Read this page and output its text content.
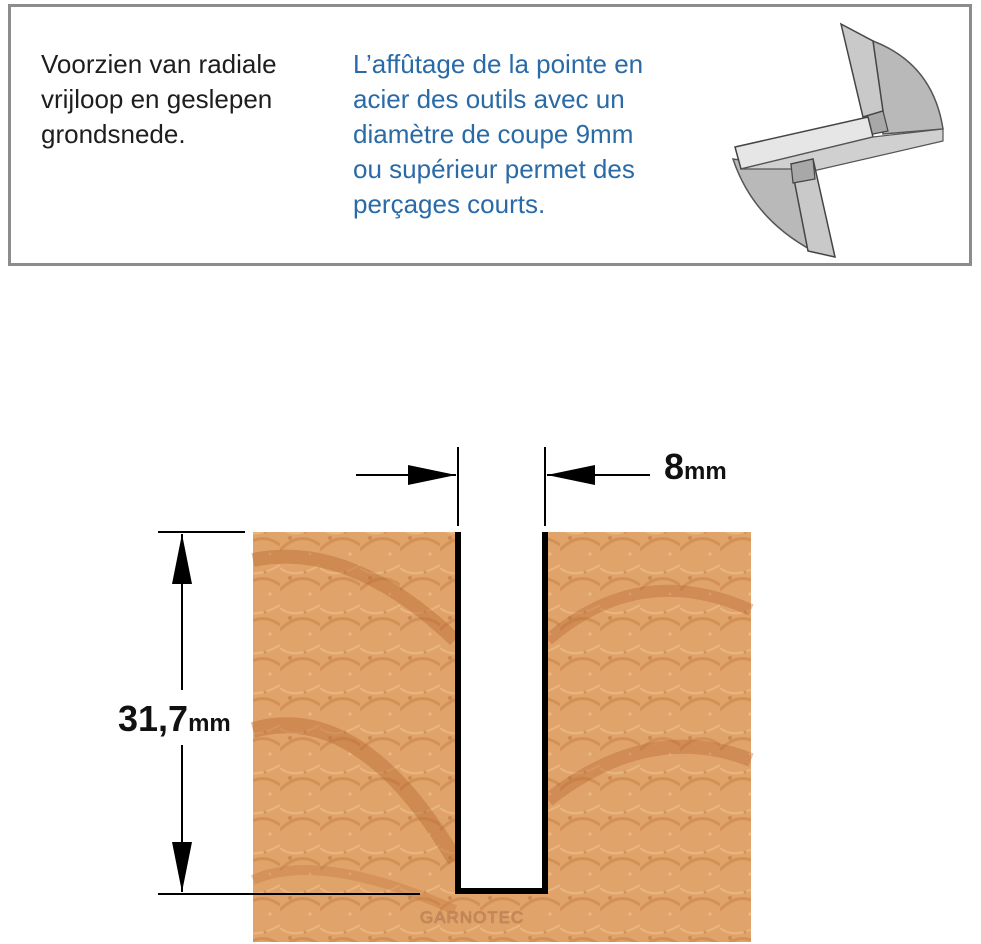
Voorzien van radiale
vrijloop en geslepen
grondsnede.
L’affûtage de la pointe en
acier des outils avec un
diamètre de coupe 9mm
ou supérieur permet des
perçages courts.
8mm
31,7mm
GARNOTEC
